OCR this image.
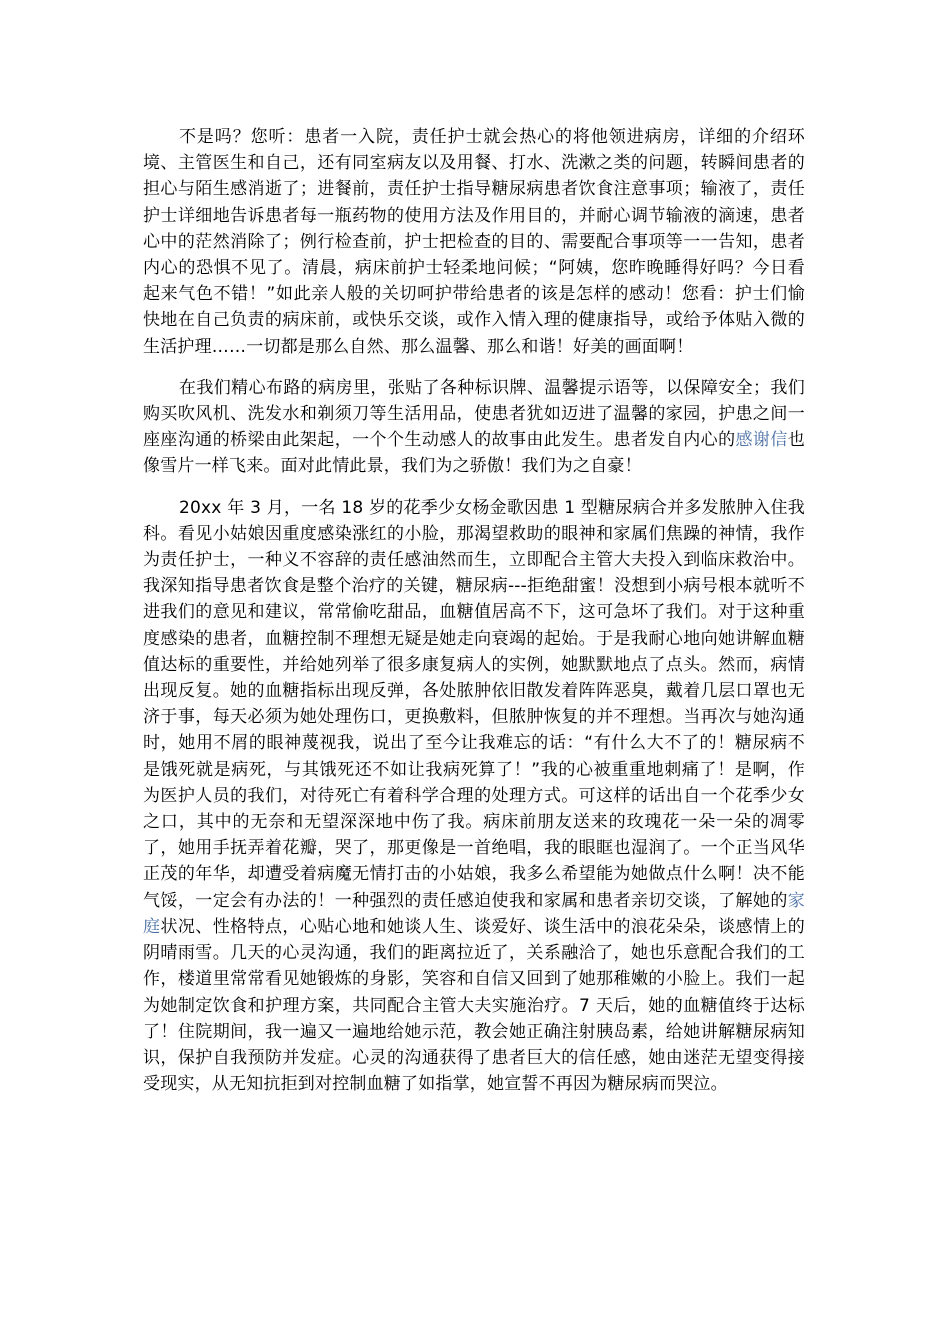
不是吗？您听：患者一入院，责任护士就会热心的将他领进病房，详细的介绍环境、主管医生和自己，还有同室病友以及用餐、打水、洗漱之类的问题，转瞬间患者的担心与陌生感消逝了；进餐前，责任护士指导糖尿病患者饮食注意事项；输液了，责任护士详细地告诉患者每一瓶药物的使用方法及作用目的，并耐心调节输液的滴速，患者心中的茫然消除了；例行检查前，护士把检查的目的、需要配合事项等一一告知，患者内心的恐惧不见了。清晨，病床前护士轻柔地问候；“阿姨，您昨晚睡得好吗？今日看起来气色不错！”如此亲人般的关切呵护带给患者的该是怎样的感动！您看：护士们愉快地在自己负责的病床前，或快乐交谈，或作入情入理的健康指导，或给予体贴入微的生活护理……一切都是那么自然、那么温馨、那么和谐！好美的画面啊！

在我们精心布路的病房里，张贴了各种标识牌、温馨提示语等，以保障安全；我们购买吹风机、洗发水和剃须刀等生活用品，使患者犹如迈进了温馨的家园，护患之间一座座沟通的桥梁由此架起，一个个生动感人的故事由此发生。患者发自内心的感谢信也像雪片一样飞来。面对此情此景，我们为之骄傲！我们为之自豪！

20xx 年 3 月，一名 18 岁的花季少女杨金歌因患 1 型糖尿病合并多发脓肿入住我科。看见小姑娘因重度感染涨红的小脸，那渴望救助的眼神和家属们焦躁的神情，我作为责任护士，一种义不容辞的责任感油然而生，立即配合主管大夫投入到临床救治中。我深知指导患者饮食是整个治疗的关键，糖尿病---拒绝甜蜜！没想到小病号根本就听不进我们的意见和建议，常常偷吃甜品，血糖值居高不下，这可急坏了我们。对于这种重度感染的患者，血糖控制不理想无疑是她走向衰竭的起始。于是我耐心地向她讲解血糖值达标的重要性，并给她列举了很多康复病人的实例，她默默地点了点头。然而，病情出现反复。她的血糖指标出现反弹，各处脓肿依旧散发着阵阵恶臭，戴着几层口罩也无济于事，每天必须为她处理伤口，更换敷料，但脓肿恢复的并不理想。当再次与她沟通时，她用不屑的眼神蔑视我，说出了至今让我难忘的话：“有什么大不了的！糖尿病不是饿死就是病死，与其饿死还不如让我病死算了！”我的心被重重地刺痛了！是啊，作为医护人员的我们，对待死亡有着科学合理的处理方式。可这样的话出自一个花季少女之口，其中的无奈和无望深深地中伤了我。病床前朋友送来的玫瑰花一朵一朵的凋零了，她用手抚弄着花瓣，哭了，那更像是一首绝唱，我的眼眶也湿润了。一个正当风华正茂的年华，却遭受着病魔无情打击的小姑娘，我多么希望能为她做点什么啊！决不能气馁，一定会有办法的！一种强烈的责任感迫使我和家属和患者亲切交谈，了解她的家庭状况、性格特点，心贴心地和她谈人生、谈爱好、谈生活中的浪花朵朵，谈感情上的阴晴雨雪。几天的心灵沟通，我们的距离拉近了，关系融洽了，她也乐意配合我们的工作，楼道里常常看见她锻炼的身影，笑容和自信又回到了她那稚嫩的小脸上。我们一起为她制定饮食和护理方案，共同配合主管大夫实施治疗。7 天后，她的血糖值终于达标了！住院期间，我一遍又一遍地给她示范，教会她正确注射胰岛素，给她讲解糖尿病知识，保护自我预防并发症。心灵的沟通获得了患者巨大的信任感，她由迷茫无望变得接受现实，从无知抗拒到对控制血糖了如指掌，她宣誓不再因为糖尿病而哭泣。
